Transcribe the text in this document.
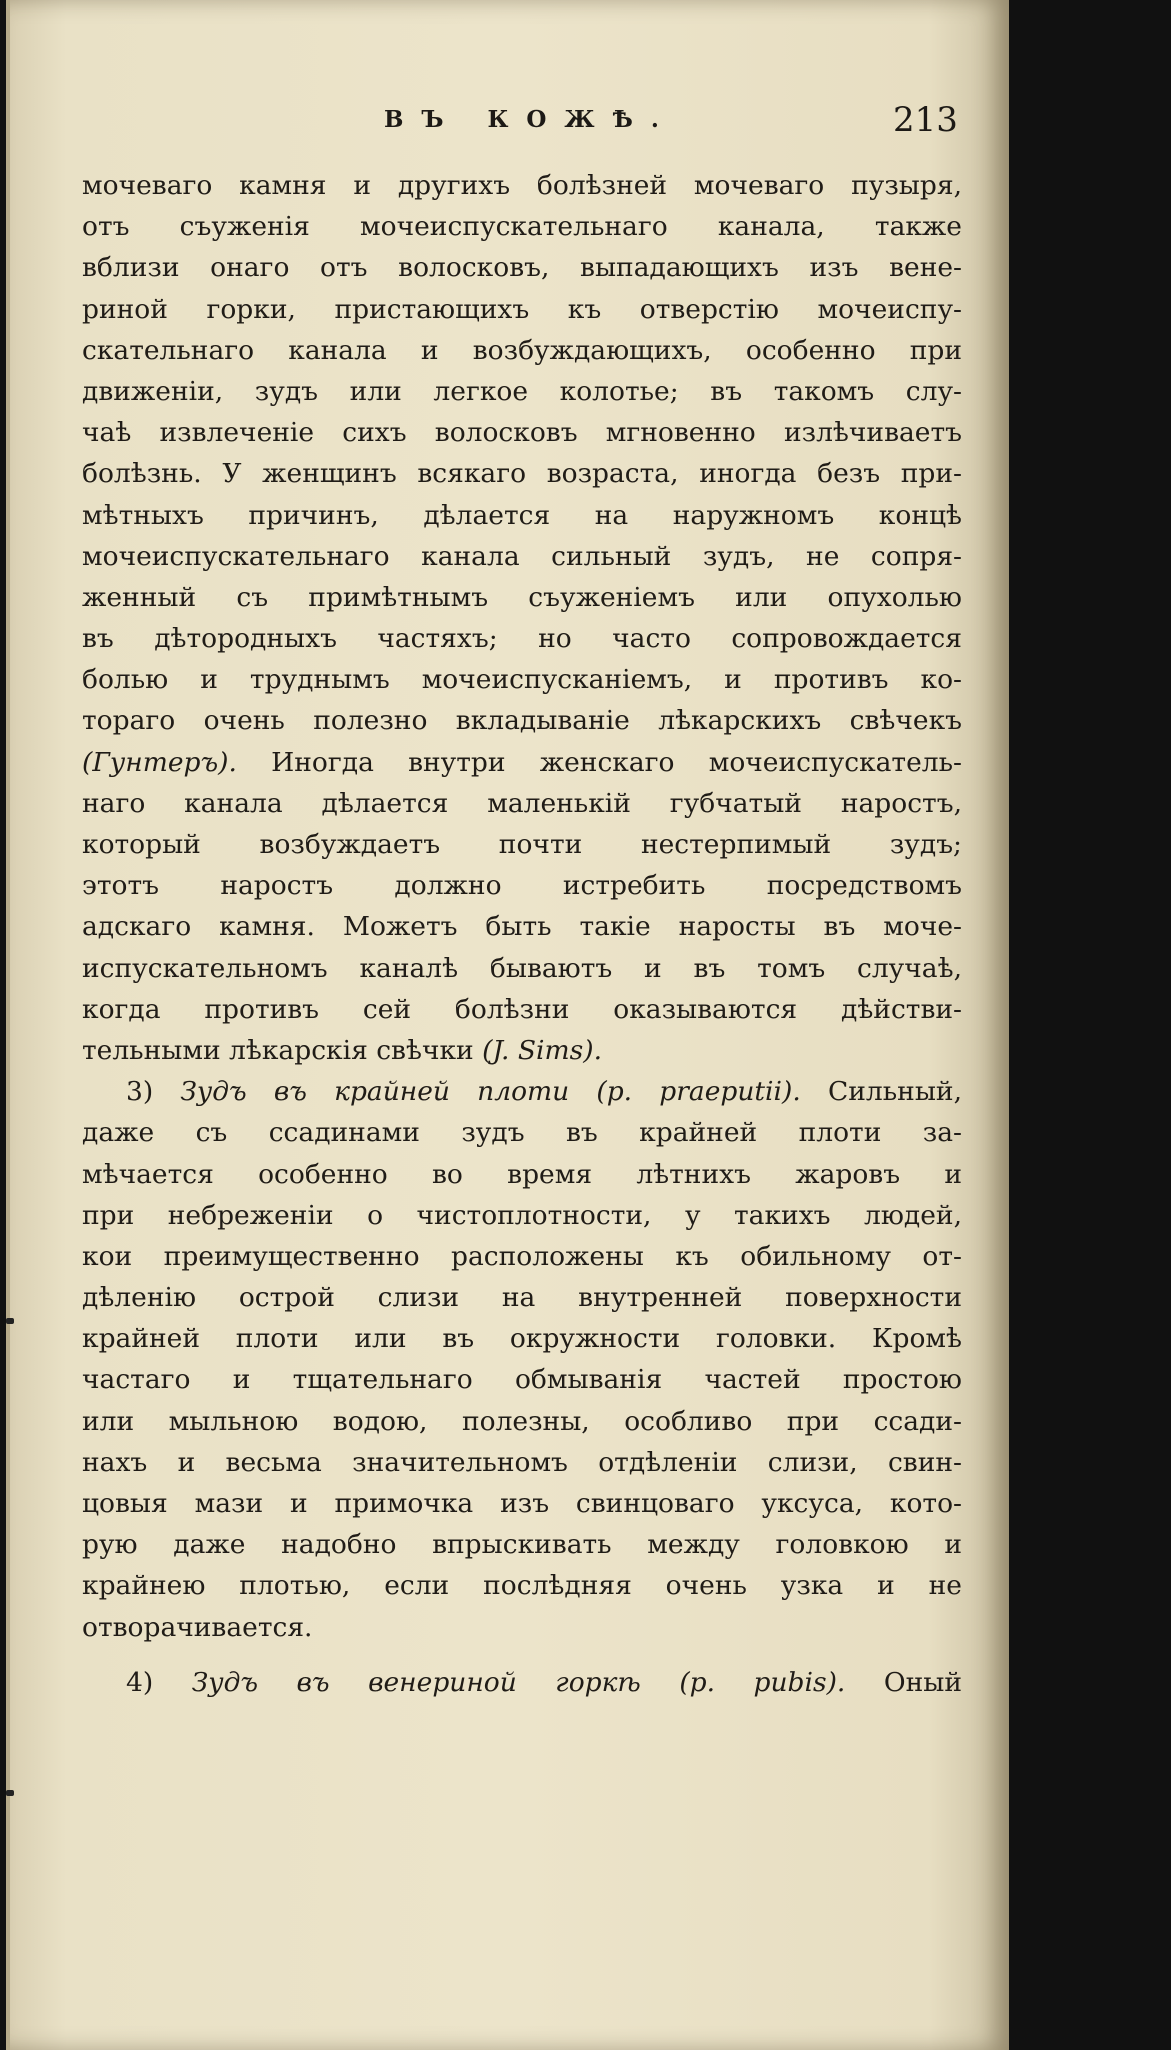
ВЪ КОЖѢ.	213
мочеваго камня и другихъ болѣзней мочеваго пузыря,
отъ съуженія мочеиспускательнаго канала, также
вблизи онаго отъ волосковъ, выпадающихъ изъ вене-
риной горки, пристающихъ къ отверстію мочеиспу-
скательнаго канала и возбуждающихъ, особенно при
движеніи, зудъ или легкое колотье; въ такомъ слу-
чаѣ извлеченіе сихъ волосковъ мгновенно излѣчиваетъ
болѣзнь. У женщинъ всякаго возраста, иногда безъ при-
мѣтныхъ причинъ, дѣлается на наружномъ концѣ
мочеиспускательнаго канала сильный зудъ, не сопря-
женный съ примѣтнымъ съуженіемъ или опухолью
въ дѣтородныхъ частяхъ; но часто сопровождается
болью и труднымъ мочеиспусканіемъ, и противъ ко-
тораго очень полезно вкладываніе лѣкарскихъ свѣчекъ
(Гунтеръ). Иногда внутри женскаго мочеиспускатель-
наго канала дѣлается маленькій губчатый наростъ,
который возбуждаетъ почти нестерпимый зудъ;
этотъ наростъ должно истребить посредствомъ
адскаго камня. Можетъ быть такіе наросты въ моче-
испускательномъ каналѣ бываютъ и въ томъ случаѣ,
когда противъ сей болѣзни оказываются дѣйстви-
тельными лѣкарскія свѣчки (J. Sims).
3) Зудъ въ крайней плоти (p. praeputii). Сильный,
даже съ ссадинами зудъ въ крайней плоти за-
мѣчается особенно во время лѣтнихъ жаровъ и
при небреженіи о чистоплотности, у такихъ людей,
кои преимущественно расположены къ обильному от-
дѣленію острой слизи на внутренней поверхности
крайней плоти или въ окружности головки. Кромѣ
частаго и тщательнаго обмыванія частей простою
или мыльною водою, полезны, особливо при ссади-
нахъ и весьма значительномъ отдѣленіи слизи, свин-
цовыя мази и примочка изъ свинцоваго уксуса, кото-
рую даже надобно впрыскивать между головкою и
крайнею плотью, если послѣдняя очень узка и не
отворачивается.
4) Зудъ въ венериной горкѣ (p. pubis). Оный
